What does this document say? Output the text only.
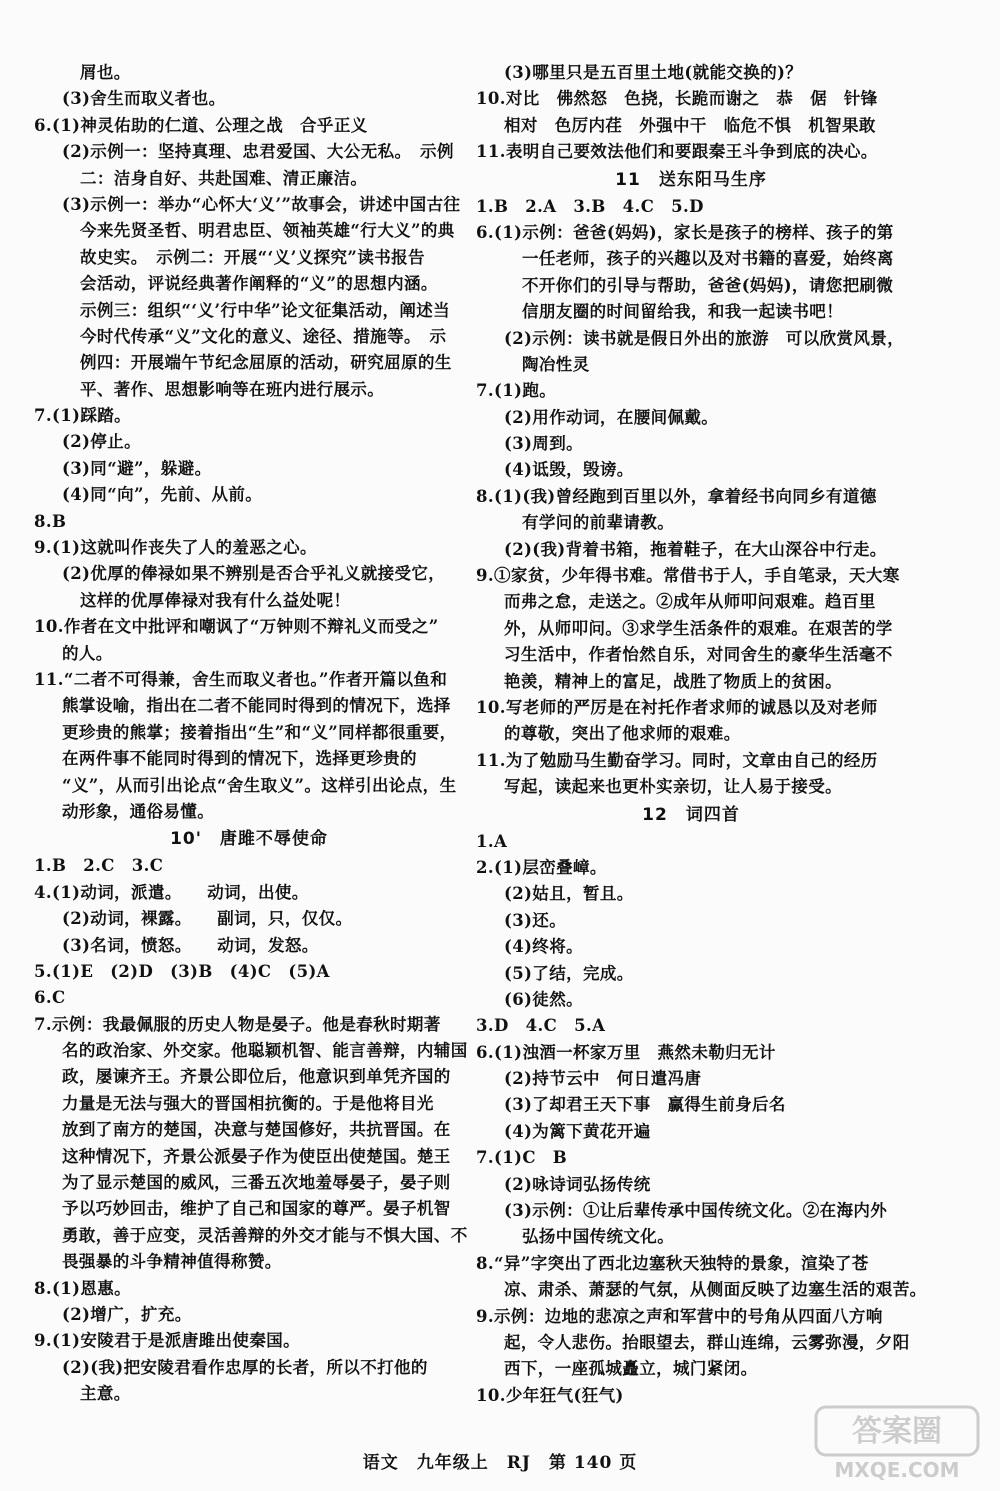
屑也。
(3)舍生而取义者也。
6.(1)神灵佑助的仁道、公理之战　合乎正义
(2)示例一：坚持真理、忠君爱国、大公无私。　示例
二：洁身自好、共赴国难、清正廉洁。
(3)示例一：举办“心怀大‘义’”故事会，讲述中国古往
今来先贤圣哲、明君忠臣、领袖英雄“行大义”的典
故史实。　示例二：开展“‘义’义探究”读书报告
会活动，评说经典著作阐释的“义”的思想内涵。
示例三：组织“‘义’行中华”论文征集活动，阐述当
今时代传承“义”文化的意义、途径、措施等。　示
例四：开展端午节纪念屈原的活动，研究屈原的生
平、著作、思想影响等在班内进行展示。
7.(1)踩踏。
(2)停止。
(3)同“避”，躲避。
(4)同“向”，先前、从前。
8.B
9.(1)这就叫作丧失了人的羞恶之心。
(2)优厚的俸禄如果不辨别是否合乎礼义就接受它，
这样的优厚俸禄对我有什么益处呢！
10.作者在文中批评和嘲讽了“万钟则不辩礼义而受之”
的人。
11.“二者不可得兼，舍生而取义者也。”作者开篇以鱼和
熊掌设喻，指出在二者不能同时得到的情况下，选择
更珍贵的熊掌；接着指出“生”和“义”同样都很重要，
在两件事不能同时得到的情况下，选择更珍贵的
“义”，从而引出论点“舍生取义”。这样引出论点，生
动形象，通俗易懂。
10'　唐雎不辱使命
1.B　2.C　3.C
4.(1)动词，派遣。　　动词，出使。
(2)动词，裸露。　　副词，只，仅仅。
(3)名词，愤怒。　　动词，发怒。
5.(1)E　(2)D　(3)B　(4)C　(5)A
6.C
7.示例：我最佩服的历史人物是晏子。他是春秋时期著
名的政治家、外交家。他聪颖机智、能言善辩，内辅国
政，屡谏齐王。齐景公即位后，他意识到单凭齐国的
力量是无法与强大的晋国相抗衡的。于是他将目光
放到了南方的楚国，决意与楚国修好，共抗晋国。在
这种情况下，齐景公派晏子作为使臣出使楚国。楚王
为了显示楚国的威风，三番五次地羞辱晏子，晏子则
予以巧妙回击，维护了自己和国家的尊严。晏子机智
勇敢，善于应变，灵活善辩的外交才能与不惧大国、不
畏强暴的斗争精神值得称赞。
8.(1)恩惠。
(2)增广，扩充。
9.(1)安陵君于是派唐雎出使秦国。
(2)(我)把安陵君看作忠厚的长者，所以不打他的
主意。
(3)哪里只是五百里土地(就能交换的)？
10.对比　佛然怒　色挠，长跪而谢之　恭　倨　针锋
相对　色厉内荏　外强中干　临危不惧　机智果敢
11.表明自己要效法他们和要跟秦王斗争到底的决心。
11　送东阳马生序
1.B　2.A　3.B　4.C　5.D
6.(1)示例：爸爸(妈妈)，家长是孩子的榜样、孩子的第
一任老师，孩子的兴趣以及对书籍的喜爱，始终离
不开你们的引导与帮助，爸爸(妈妈)，请您把刷微
信朋友圈的时间留给我，和我一起读书吧！
(2)示例：读书就是假日外出的旅游　可以欣赏风景，
陶冶性灵
7.(1)跑。
(2)用作动词，在腰间佩戴。
(3)周到。
(4)诋毁，毁谤。
8.(1)(我)曾经跑到百里以外，拿着经书向同乡有道德
有学问的前辈请教。
(2)(我)背着书箱，拖着鞋子，在大山深谷中行走。
9.①家贫，少年得书难。常借书于人，手自笔录，天大寒
而弗之怠，走送之。②成年从师叩问艰难。趋百里
外，从师叩问。③求学生活条件的艰难。在艰苦的学
习生活中，作者怡然自乐，对同舍生的豪华生活毫不
艳羡，精神上的富足，战胜了物质上的贫困。
10.写老师的严厉是在衬托作者求师的诚恳以及对老师
的尊敬，突出了他求师的艰难。
11.为了勉励马生勤奋学习。同时，文章由自己的经历
写起，读起来也更朴实亲切，让人易于接受。
12　词四首
1.A
2.(1)层峦叠嶂。
(2)姑且，暂且。
(3)还。
(4)终将。
(5)了结，完成。
(6)徒然。
3.D　4.C　5.A
6.(1)浊酒一杯家万里　燕然未勒归无计
(2)持节云中　何日遣冯唐
(3)了却君王天下事　赢得生前身后名
(4)为篱下黄花开遍
7.(1)C　B
(2)咏诗词弘扬传统
(3)示例：①让后辈传承中国传统文化。②在海内外
弘扬中国传统文化。
8.“异”字突出了西北边塞秋天独特的景象，渲染了苍
凉、肃杀、萧瑟的气氛，从侧面反映了边塞生活的艰苦。
9.示例：边地的悲凉之声和军营中的号角从四面八方响
起，令人悲伤。抬眼望去，群山连绵，云雾弥漫，夕阳
西下，一座孤城矗立，城门紧闭。
10.少年狂气(狂气)
语文　九年级上　RJ　第 140 页
答案圈
MXQE.COM
